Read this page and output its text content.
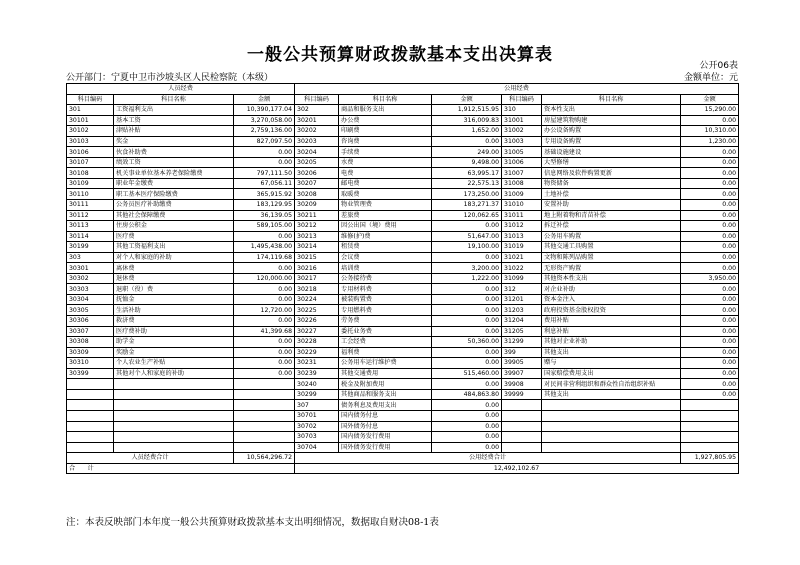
一般公共预算财政拨款基本支出决算表
公开06表
公开部门：宁夏中卫市沙坡头区人民检察院（本级）	金额单位：元
人员经费			公用经费					
科目编码	科目名称	金额	科目编码	科目名称	金额	科目编码	科目名称	金额
301	工资福利支出	10,390,177.04	302	商品和服务支出	1,912,515.95	310	资本性支出	15,290.00
30101	基本工资	3,270,058.00	30201	办公费	316,009.83	31001	房屋建筑物购建	0.00
30102	津贴补贴	2,759,136.00	30202	印刷费	1,652.00	31002	办公设备购置	10,310.00
30103	奖金	827,097.50	30203	咨询费	0.00	31003	专用设备购置	1,230.00
30106	伙食补助费	0.00	30204	手续费	249.00	31005	基础设施建设	0.00
30107	绩效工资	0.00	30205	水费	9,498.00	31006	大型修缮	0.00
30108	机关事业单位基本养老保险缴费	797,111.50	30206	电费	63,995.17	31007	信息网络及软件购置更新	0.00
30109	职业年金缴费	67,056.11	30207	邮电费	22,575.13	31008	物资储备	0.00
30110	职工基本医疗保险缴费	365,915.92	30208	取暖费	173,250.00	31009	土地补偿	0.00
30111	公务员医疗补助缴费	183,129.95	30209	物业管理费	183,271.37	31010	安置补助	0.00
30112	其他社会保障缴费	36,139.05	30211	差旅费	120,062.65	31011	地上附着物和青苗补偿	0.00
30113	住房公积金	589,105.00	30212	因公出国（境）费用	0.00	31012	拆迁补偿	0.00
30114	医疗费	0.00	30213	维修(护)费	51,647.00	31013	公务用车购置	0.00
30199	其他工资福利支出	1,495,438.00	30214	租赁费	19,100.00	31019	其他交通工具购置	0.00
303	对个人和家庭的补助	174,119.68	30215	会议费	0.00	31021	文物和陈列品购置	0.00
30301	离休费	0.00	30216	培训费	3,200.00	31022	无形资产购置	0.00
30302	退休费	120,000.00	30217	公务接待费	1,222.00	31099	其他资本性支出	3,950.00
30303	退职（役）费	0.00	30218	专用材料费	0.00	312	对企业补助	0.00
30304	抚恤金	0.00	30224	被装购置费	0.00	31201	资本金注入	0.00
30305	生活补助	12,720.00	30225	专用燃料费	0.00	31203	政府投资基金股权投资	0.00
30306	救济费	0.00	30226	劳务费	0.00	31204	费用补贴	0.00
30307	医疗费补助	41,399.68	30227	委托业务费	0.00	31205	利息补贴	0.00
30308	助学金	0.00	30228	工会经费	50,360.00	31299	其他对企业补助	0.00
30309	奖励金	0.00	30229	福利费	0.00	399	其他支出	0.00
30310	个人农业生产补贴	0.00	30231	公务用车运行维护费	0.00	39905	赠与	0.00
30399	其他对个人和家庭的补助	0.00	30239	其他交通费用	515,460.00	39907	国家赔偿费用支出	0.00
			30240	税金及附加费用	0.00	39908	对民间非营利组织和群众性自治组织补贴	0.00
			30299	其他商品和服务支出	484,863.80	39999	其他支出	0.00
			307	债务利息及费用支出	0.00			
			30701	国内债务付息	0.00			
			30702	国外债务付息	0.00			
			30703	国内债务发行费用	0.00			
			30704	国外债务发行费用	0.00			
人员经费合计		10,564,296.72	公用经费合计					1,927,805.95
合　　计			12,492,102.67					
注：本表反映部门本年度一般公共预算财政拨款基本支出明细情况，数据取自财决08-1表
